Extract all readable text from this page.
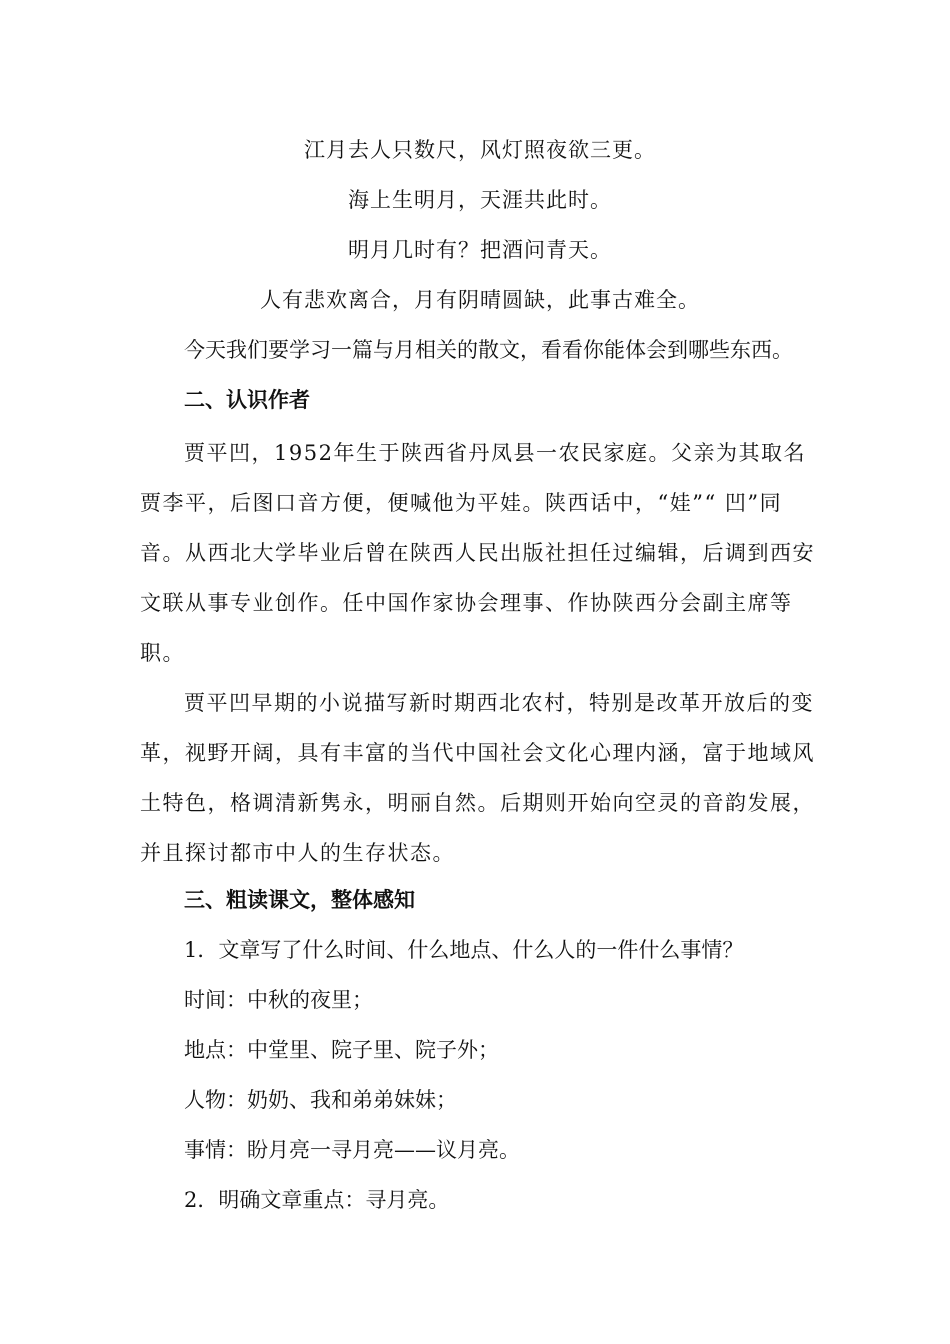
江月去人只数尺，风灯照夜欲三更。
海上生明月，天涯共此时。
明月几时有？把酒问青天。
人有悲欢离合，月有阴晴圆缺，此事古难全。
今天我们要学习一篇与月相关的散文，看看你能体会到哪些东西。
二、认识作者
贾平凹，1952年生于陕西省丹凤县一农民家庭。父亲为其取名贾李平，后图口音方便，便喊他为平娃。陕西话中，“娃”“ 凹”同音。从西北大学毕业后曾在陕西人民出版社担任过编辑，后调到西安文联从事专业创作。任中国作家协会理事、作协陕西分会副主席等职。
贾平凹早期的小说描写新时期西北农村，特别是改革开放后的变革，视野开阔，具有丰富的当代中国社会文化心理内涵，富于地域风土特色，格调清新隽永，明丽自然。后期则开始向空灵的音韵发展，并且探讨都市中人的生存状态。
三、粗读课文，整体感知
1．文章写了什么时间、什么地点、什么人的一件什么事情？
时间：中秋的夜里；
地点：中堂里、院子里、院子外；
人物：奶奶、我和弟弟妹妹；
事情：盼月亮一寻月亮——议月亮。
2．明确文章重点：寻月亮。
